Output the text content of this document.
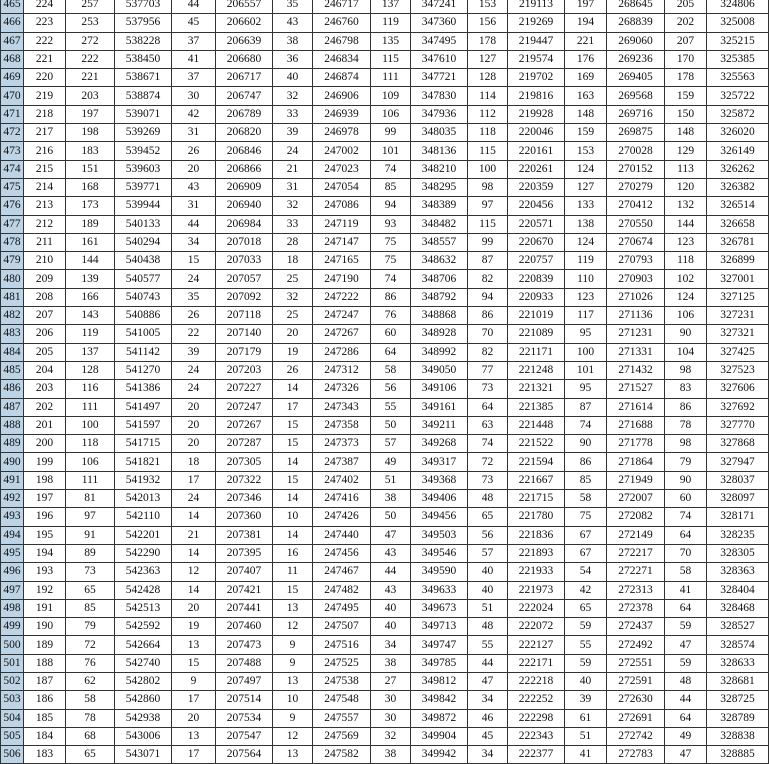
465	224	257	537703	44	206557	35	246717	137	347241	153	219113	197	268645	205	324806
466	223	253	537956	45	206602	43	246760	119	347360	156	219269	194	268839	202	325008
467	222	272	538228	37	206639	38	246798	135	347495	178	219447	221	269060	207	325215
468	221	222	538450	41	206680	36	246834	115	347610	127	219574	176	269236	170	325385
469	220	221	538671	37	206717	40	246874	111	347721	128	219702	169	269405	178	325563
470	219	203	538874	30	206747	32	246906	109	347830	114	219816	163	269568	159	325722
471	218	197	539071	42	206789	33	246939	106	347936	112	219928	148	269716	150	325872
472	217	198	539269	31	206820	39	246978	99	348035	118	220046	159	269875	148	326020
473	216	183	539452	26	206846	24	247002	101	348136	115	220161	153	270028	129	326149
474	215	151	539603	20	206866	21	247023	74	348210	100	220261	124	270152	113	326262
475	214	168	539771	43	206909	31	247054	85	348295	98	220359	127	270279	120	326382
476	213	173	539944	31	206940	32	247086	94	348389	97	220456	133	270412	132	326514
477	212	189	540133	44	206984	33	247119	93	348482	115	220571	138	270550	144	326658
478	211	161	540294	34	207018	28	247147	75	348557	99	220670	124	270674	123	326781
479	210	144	540438	15	207033	18	247165	75	348632	87	220757	119	270793	118	326899
480	209	139	540577	24	207057	25	247190	74	348706	82	220839	110	270903	102	327001
481	208	166	540743	35	207092	32	247222	86	348792	94	220933	123	271026	124	327125
482	207	143	540886	26	207118	25	247247	76	348868	86	221019	117	271136	106	327231
483	206	119	541005	22	207140	20	247267	60	348928	70	221089	95	271231	90	327321
484	205	137	541142	39	207179	19	247286	64	348992	82	221171	100	271331	104	327425
485	204	128	541270	24	207203	26	247312	58	349050	77	221248	101	271432	98	327523
486	203	116	541386	24	207227	14	247326	56	349106	73	221321	95	271527	83	327606
487	202	111	541497	20	207247	17	247343	55	349161	64	221385	87	271614	86	327692
488	201	100	541597	20	207267	15	247358	50	349211	63	221448	74	271688	78	327770
489	200	118	541715	20	207287	15	247373	57	349268	74	221522	90	271778	98	327868
490	199	106	541821	18	207305	14	247387	49	349317	72	221594	86	271864	79	327947
491	198	111	541932	17	207322	15	247402	51	349368	73	221667	85	271949	90	328037
492	197	81	542013	24	207346	14	247416	38	349406	48	221715	58	272007	60	328097
493	196	97	542110	14	207360	10	247426	50	349456	65	221780	75	272082	74	328171
494	195	91	542201	21	207381	14	247440	47	349503	56	221836	67	272149	64	328235
495	194	89	542290	14	207395	16	247456	43	349546	57	221893	67	272217	70	328305
496	193	73	542363	12	207407	11	247467	44	349590	40	221933	54	272271	58	328363
497	192	65	542428	14	207421	15	247482	43	349633	40	221973	42	272313	41	328404
498	191	85	542513	20	207441	13	247495	40	349673	51	222024	65	272378	64	328468
499	190	79	542592	19	207460	12	247507	40	349713	48	222072	59	272437	59	328527
500	189	72	542664	13	207473	9	247516	34	349747	55	222127	55	272492	47	328574
501	188	76	542740	15	207488	9	247525	38	349785	44	222171	59	272551	59	328633
502	187	62	542802	9	207497	13	247538	27	349812	47	222218	40	272591	48	328681
503	186	58	542860	17	207514	10	247548	30	349842	34	222252	39	272630	44	328725
504	185	78	542938	20	207534	9	247557	30	349872	46	222298	61	272691	64	328789
505	184	68	543006	13	207547	12	247569	32	349904	45	222343	51	272742	49	328838
506	183	65	543071	17	207564	13	247582	38	349942	34	222377	41	272783	47	328885
